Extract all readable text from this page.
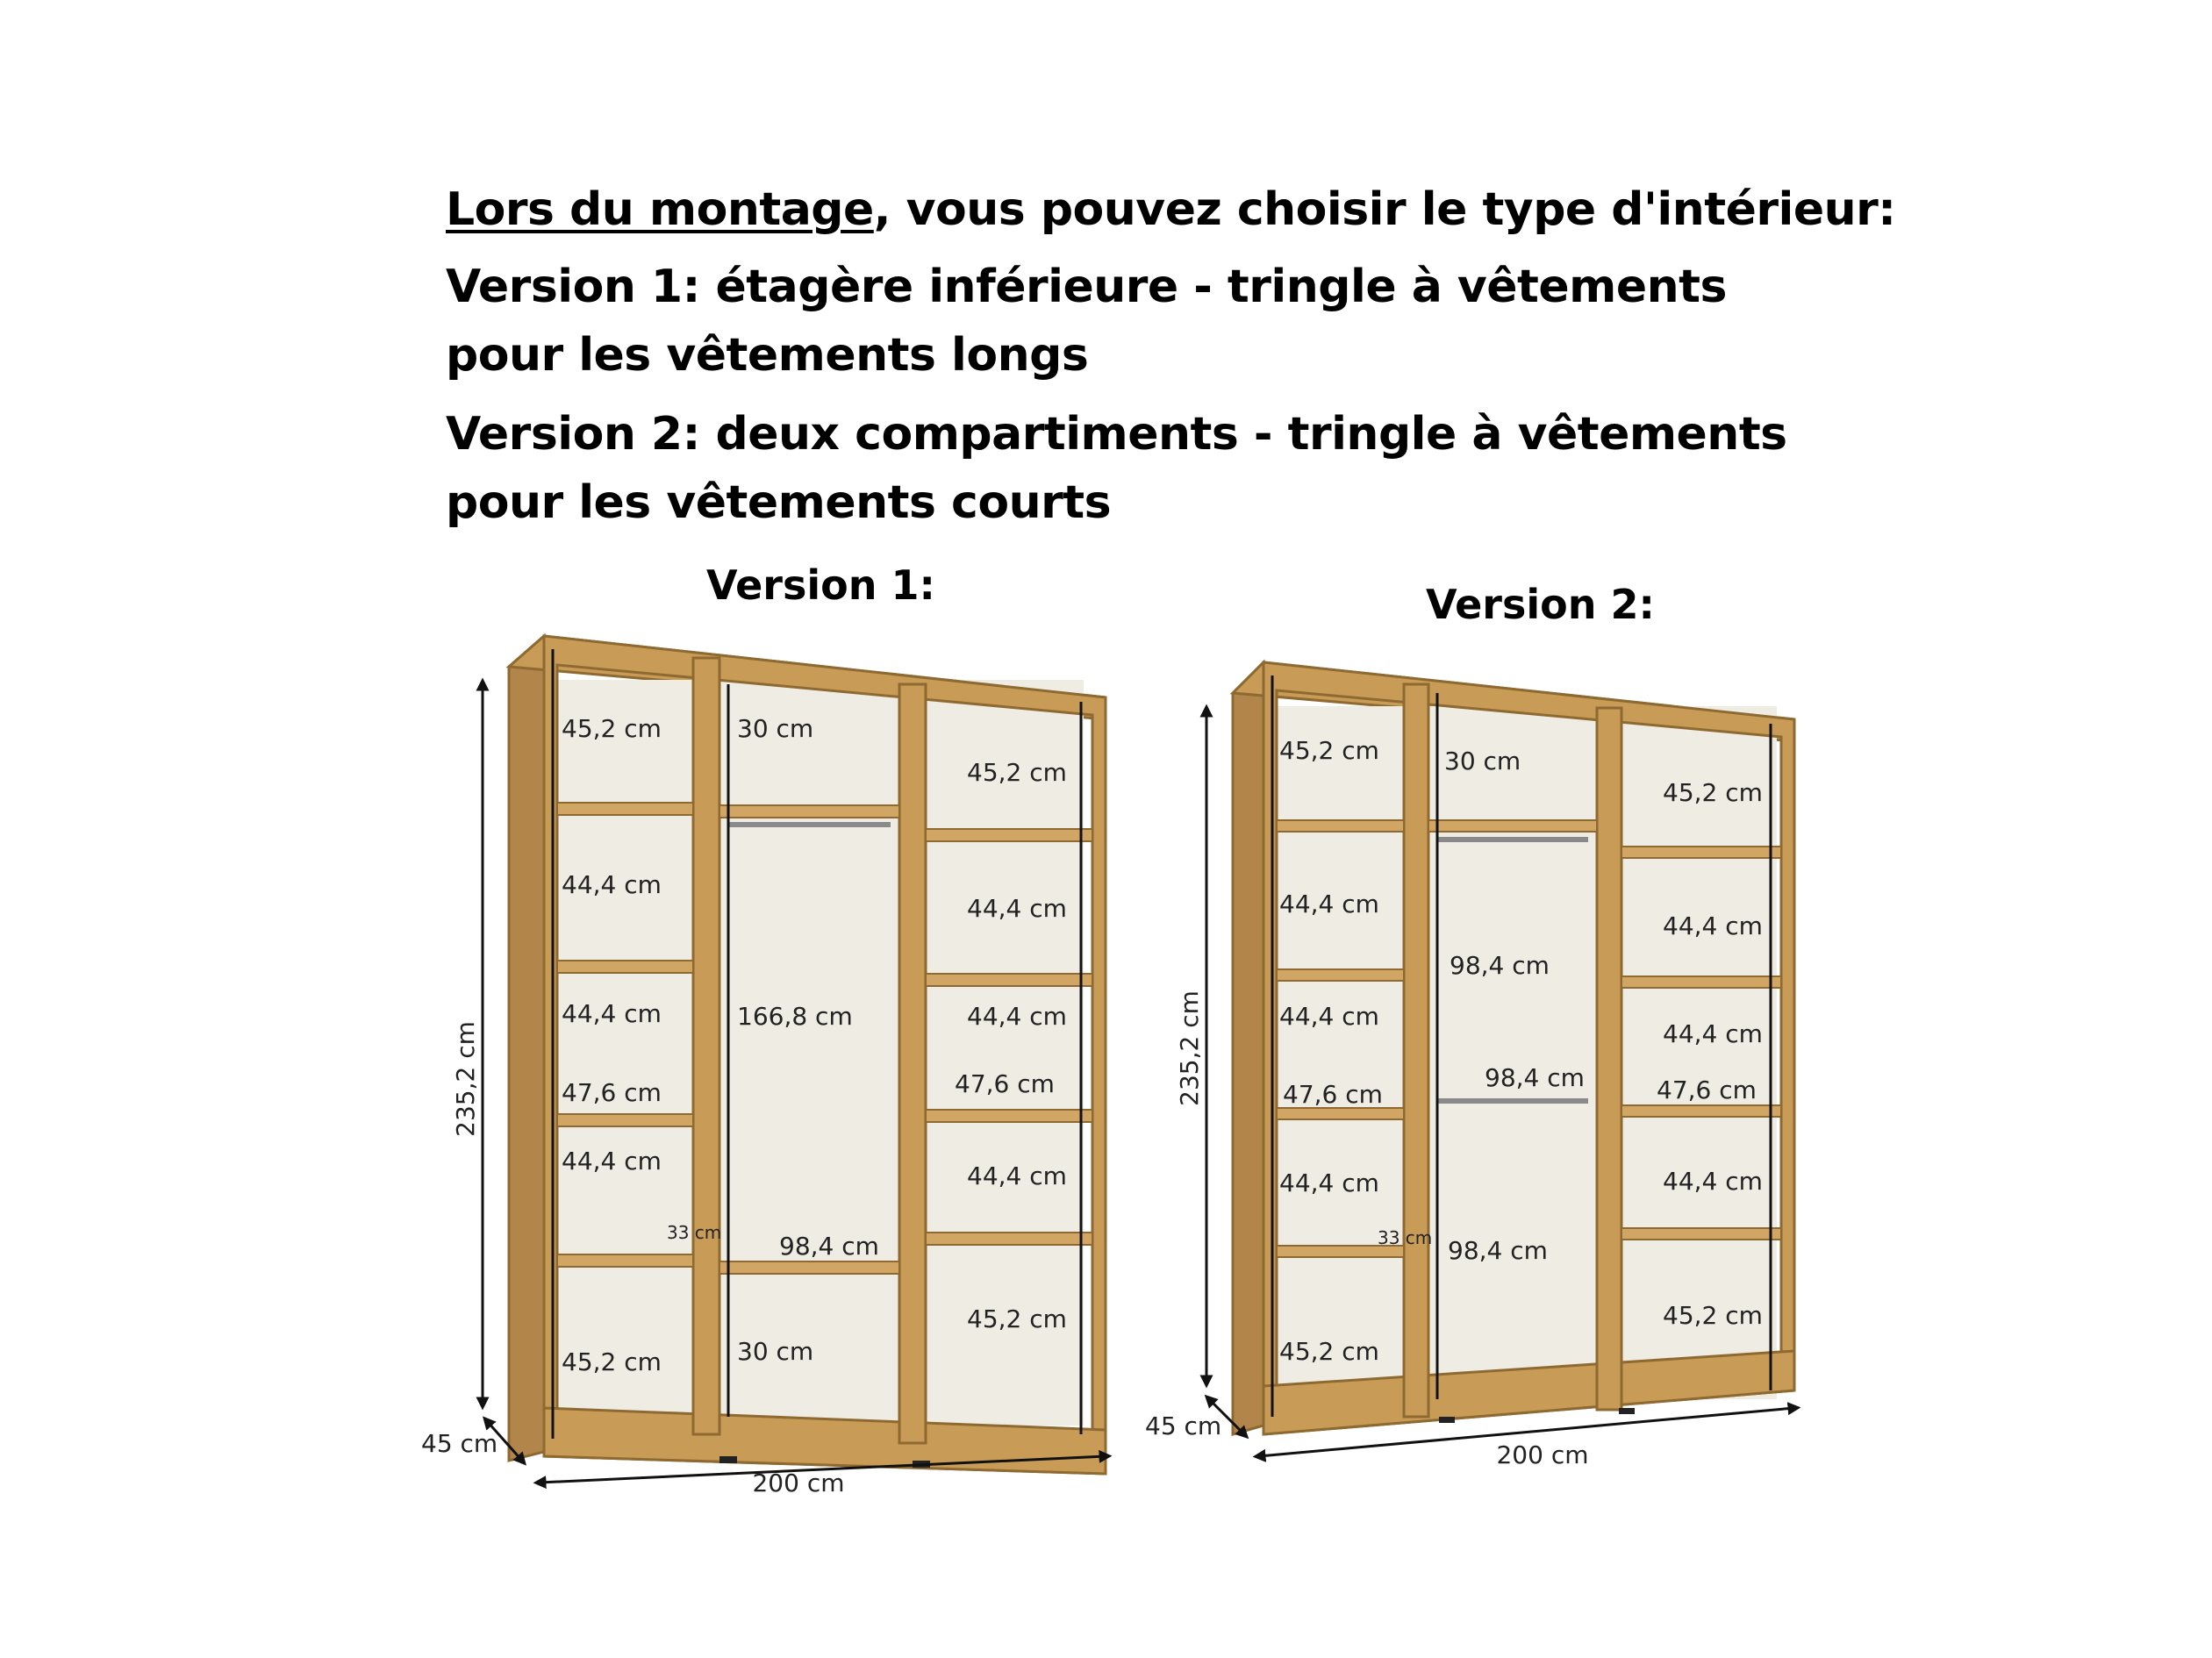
Lors du montage, vous pouvez choisir le type d'intérieur:

Version 1: étagère inférieure - tringle à vêtements pour les vêtements longs

Version 2: deux compartiments - tringle à vêtements pour les vêtements courts

Version 1:	Version 2:

235,2 cm
200 cm
45 cm
45,2 cm
44,4 cm
44,4 cm
47,6 cm
44,4 cm
45,2 cm
30 cm
166,8 cm
33 cm 98,4 cm
30 cm
45,2 cm
44,4 cm
44,4 cm
47,6 cm
44,4 cm
45,2 cm
235,2 cm
200 cm
45 cm
45,2 cm
44,4 cm
44,4 cm
47,6 cm
44,4 cm
45,2 cm
30 cm
98,4 cm
98,4 cm
33 cm 98,4 cm
45,2 cm
44,4 cm
44,4 cm
47,6 cm
44,4 cm
45,2 cm
